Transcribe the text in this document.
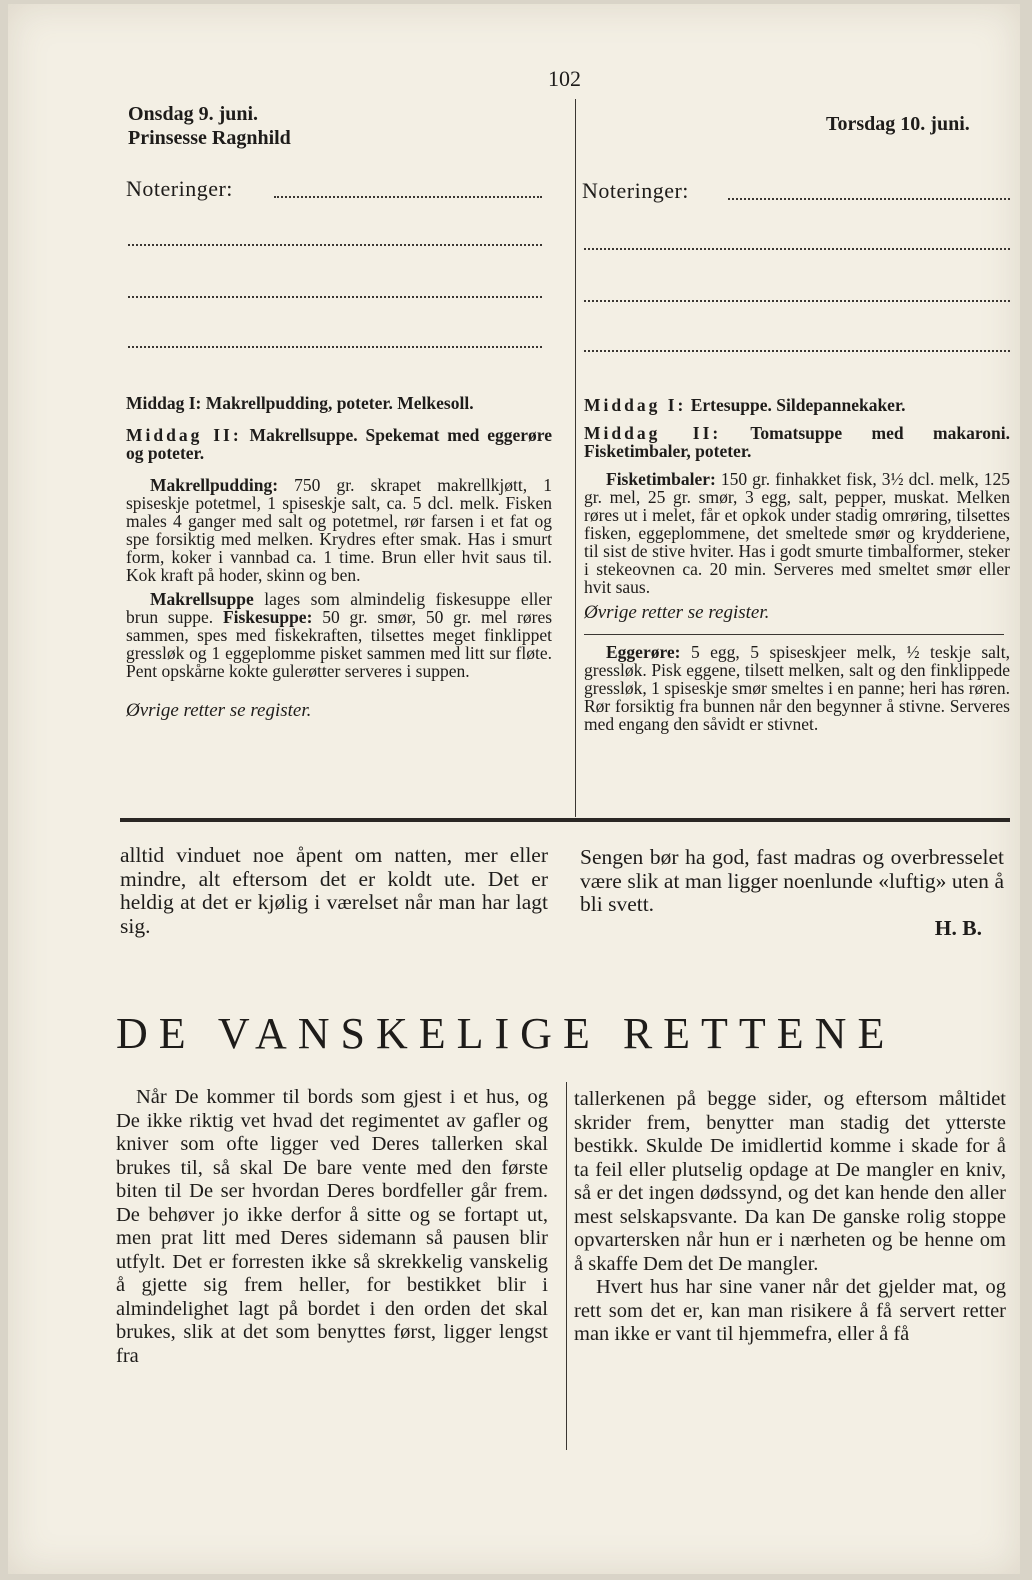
102
Onsdag 9. juni.
Prinsesse Ragnhild
Torsdag 10. juni.
Noteringer:	Noteringer:

Middag I: Makrellpudding, poteter. Melkesoll.

Middag II: Makrellsuppe. Spekemat med eggerøre og poteter.

Makrellpudding: 750 gr. skrapet makrellkjøtt, 1 spiseskje potetmel, 1 spiseskje salt, ca. 5 dcl. melk. Fisken males 4 ganger med salt og potetmel, rør farsen i et fat og spe forsiktig med melken. Krydres efter smak. Has i smurt form, koker i vannbad ca. 1 time. Brun eller hvit saus til. Kok kraft på hoder, skinn og ben.

Makrellsuppe lages som almindelig fiskesuppe eller brun suppe. Fiskesuppe: 50 gr. smør, 50 gr. mel røres sammen, spes med fiskekraften, tilsettes meget finklippet gressløk og 1 eggeplomme pisket sammen med litt sur fløte. Pent opskårne kokte gulerøtter serveres i suppen.

Øvrige retter se register.

Middag I: Ertesuppe. Sildepannekaker.

Middag II: Tomatsuppe med makaroni. Fisketimbaler, poteter.

Fisketimbaler: 150 gr. finhakket fisk, 3½ dcl. melk, 125 gr. mel, 25 gr. smør, 3 egg, salt, pepper, muskat. Melken røres ut i melet, får et opkok under stadig omrøring, tilsettes fisken, eggeplommene, det smeltede smør og krydderiene, til sist de stive hviter. Has i godt smurte timbalformer, steker i stekeovnen ca. 20 min. Serveres med smeltet smør eller hvit saus.

Øvrige retter se register.

Eggerøre: 5 egg, 5 spiseskjeer melk, ½ teskje salt, gressløk. Pisk eggene, tilsett melken, salt og den finklippede gressløk, 1 spiseskje smør smeltes i en panne; heri has røren. Rør forsiktig fra bunnen når den begynner å stivne. Serveres med engang den såvidt er stivnet.

alltid vinduet noe åpent om natten, mer eller mindre, alt eftersom det er koldt ute. Det er heldig at det er kjølig i værelset når man har lagt sig.

Sengen bør ha god, fast madras og overbresselet være slik at man ligger noenlunde «luftig» uten å bli svett.

H. B.

DE VANSKELIGE RETTENE

Når De kommer til bords som gjest i et hus, og De ikke riktig vet hvad det regimentet av gafler og kniver som ofte ligger ved Deres tallerken skal brukes til, så skal De bare vente med den første biten til De ser hvordan Deres bordfeller går frem. De behøver jo ikke derfor å sitte og se fortapt ut, men prat litt med Deres sidemann så pausen blir utfylt. Det er forresten ikke så skrekkelig vanskelig å gjette sig frem heller, for bestikket blir i almindelighet lagt på bordet i den orden det skal brukes, slik at det som benyttes først, ligger lengst fra

tallerkenen på begge sider, og eftersom måltidet skrider frem, benytter man stadig det ytterste bestikk. Skulde De imidlertid komme i skade for å ta feil eller plutselig opdage at De mangler en kniv, så er det ingen dødssynd, og det kan hende den aller mest selskapsvante. Da kan De ganske rolig stoppe opvartersken når hun er i nærheten og be henne om å skaffe Dem det De mangler.

Hvert hus har sine vaner når det gjelder mat, og rett som det er, kan man risikere å få servert retter man ikke er vant til hjemmefra, eller å få
